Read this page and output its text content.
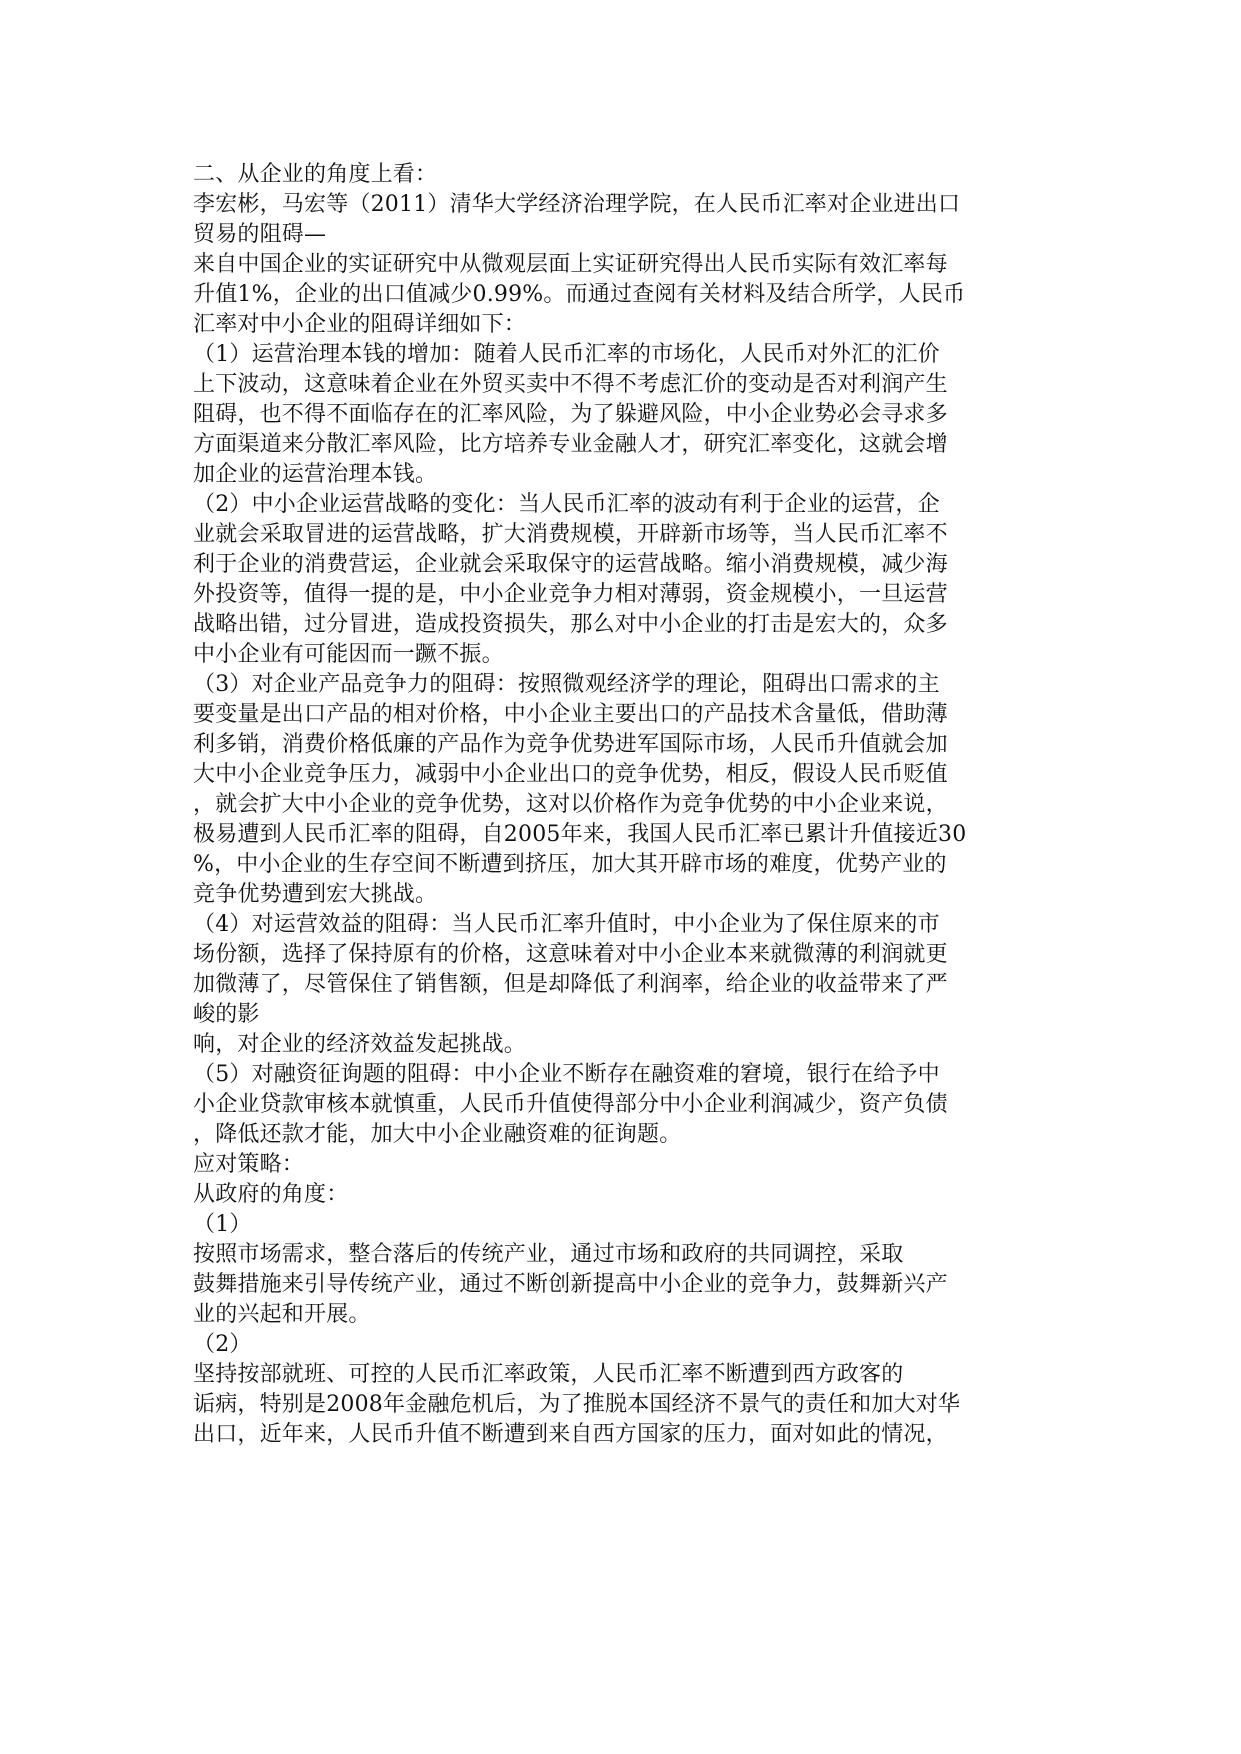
二、从企业的角度上看：
李宏彬，马宏等（2011）清华大学经济治理学院，在人民币汇率对企业进出口
贸易的阻碍—
来自中国企业的实证研究中从微观层面上实证研究得出人民币实际有效汇率每
升值1%，企业的出口值减少0.99%。而通过查阅有关材料及结合所学，人民币
汇率对中小企业的阻碍详细如下：
（1）运营治理本钱的增加：随着人民币汇率的市场化，人民币对外汇的汇价
上下波动，这意味着企业在外贸买卖中不得不考虑汇价的变动是否对利润产生
阻碍，也不得不面临存在的汇率风险，为了躲避风险，中小企业势必会寻求多
方面渠道来分散汇率风险，比方培养专业金融人才，研究汇率变化，这就会增
加企业的运营治理本钱。
（2）中小企业运营战略的变化：当人民币汇率的波动有利于企业的运营，企
业就会采取冒进的运营战略，扩大消费规模，开辟新市场等，当人民币汇率不
利于企业的消费营运，企业就会采取保守的运营战略。缩小消费规模，减少海
外投资等，值得一提的是，中小企业竞争力相对薄弱，资金规模小，一旦运营
战略出错，过分冒进，造成投资损失，那么对中小企业的打击是宏大的，众多
中小企业有可能因而一蹶不振。
（3）对企业产品竞争力的阻碍：按照微观经济学的理论，阻碍出口需求的主
要变量是出口产品的相对价格，中小企业主要出口的产品技术含量低，借助薄
利多销，消费价格低廉的产品作为竞争优势进军国际市场，人民币升值就会加
大中小企业竞争压力，减弱中小企业出口的竞争优势，相反，假设人民币贬值
，就会扩大中小企业的竞争优势，这对以价格作为竞争优势的中小企业来说，
极易遭到人民币汇率的阻碍，自2005年来，我国人民币汇率已累计升值接近30
%，中小企业的生存空间不断遭到挤压，加大其开辟市场的难度，优势产业的
竞争优势遭到宏大挑战。
（4）对运营效益的阻碍：当人民币汇率升值时，中小企业为了保住原来的市
场份额，选择了保持原有的价格，这意味着对中小企业本来就微薄的利润就更
加微薄了，尽管保住了销售额，但是却降低了利润率，给企业的收益带来了严
峻的影
响，对企业的经济效益发起挑战。
（5）对融资征询题的阻碍：中小企业不断存在融资难的窘境，银行在给予中
小企业贷款审核本就慎重，人民币升值使得部分中小企业利润减少，资产负债
，降低还款才能，加大中小企业融资难的征询题。
应对策略：
从政府的角度：
（1）
按照市场需求，整合落后的传统产业，通过市场和政府的共同调控，采取
鼓舞措施来引导传统产业，通过不断创新提高中小企业的竞争力，鼓舞新兴产
业的兴起和开展。
（2）
坚持按部就班、可控的人民币汇率政策，人民币汇率不断遭到西方政客的
诟病，特别是2008年金融危机后，为了推脱本国经济不景气的责任和加大对华
出口，近年来，人民币升值不断遭到来自西方国家的压力，面对如此的情况，
